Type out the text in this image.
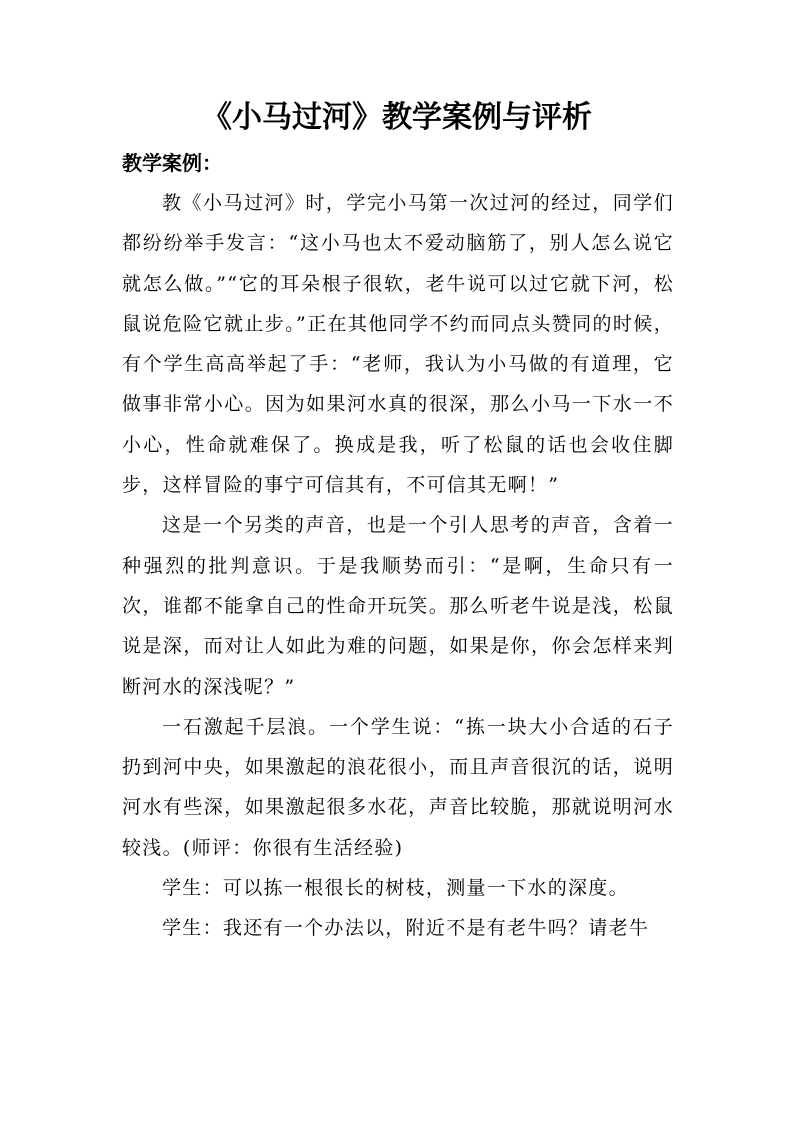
《小马过河》教学案例与评析
教学案例：

教《小马过河》时，学完小马第一次过河的经过，同学们都纷纷举手发言：“这小马也太不爱动脑筋了，别人怎么说它就怎么做。”“它的耳朵根子很软，老牛说可以过它就下河，松鼠说危险它就止步。”正在其他同学不约而同点头赞同的时候，有个学生高高举起了手：“老师，我认为小马做的有道理，它做事非常小心。因为如果河水真的很深，那么小马一下水一不小心，性命就难保了。换成是我，听了松鼠的话也会收住脚步，这样冒险的事宁可信其有，不可信其无啊！”

这是一个另类的声音，也是一个引人思考的声音，含着一种强烈的批判意识。于是我顺势而引：“是啊，生命只有一次，谁都不能拿自己的性命开玩笑。那么听老牛说是浅，松鼠说是深，而对让人如此为难的问题，如果是你，你会怎样来判断河水的深浅呢？”

一石激起千层浪。一个学生说：“拣一块大小合适的石子扔到河中央，如果激起的浪花很小，而且声音很沉的话，说明河水有些深，如果激起很多水花，声音比较脆，那就说明河水较浅。(师评：你很有生活经验)

学生：可以拣一根很长的树枝，测量一下水的深度。

学生：我还有一个办法以，附近不是有老牛吗？请老牛
